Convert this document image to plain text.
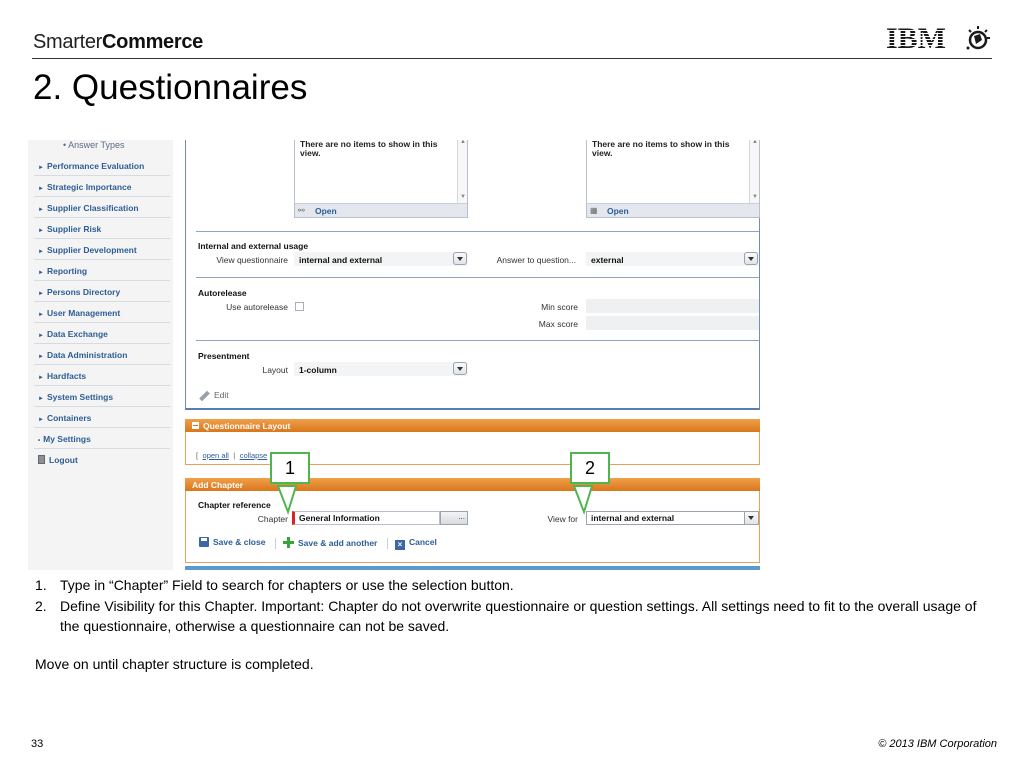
SmarterCommerce	IBM
2. Questionnaires
• Answer Types
► Performance Evaluation
► Strategic Importance
► Supplier Classification
► Supplier Risk
► Supplier Development
► Reporting
► Persons Directory
► User Management
► Data Exchange
► Data Administration
► Hardfacts
► System Settings
► Containers
• My Settings
Logout
There are no items to show in this view.
▲
▼
⚯ Open
There are no items to show in this view.
▲
▼
▦ Open
Internal and external usage
View questionnaire internal and external	Answer to question... external
Autorelease
Use autorelease	Min score
Max score
Presentment
Layout 1-column
Edit
Questionnaire Layout
[ open all | collapse
Add Chapter
Chapter reference
Chapter	General Information	...	View for	internal and external
Save & close	Save & add another	× Cancel
1	2
1. Type in “Chapter” Field to search for chapters or use the selection button.
2. Define Visibility for this Chapter. Important: Chapter do not overwrite questionnaire or question settings. All settings need to fit to the overall usage of the questionnaire, otherwise a questionnaire can not be saved.
Move on until chapter structure is completed.
33	© 2013 IBM Corporation
